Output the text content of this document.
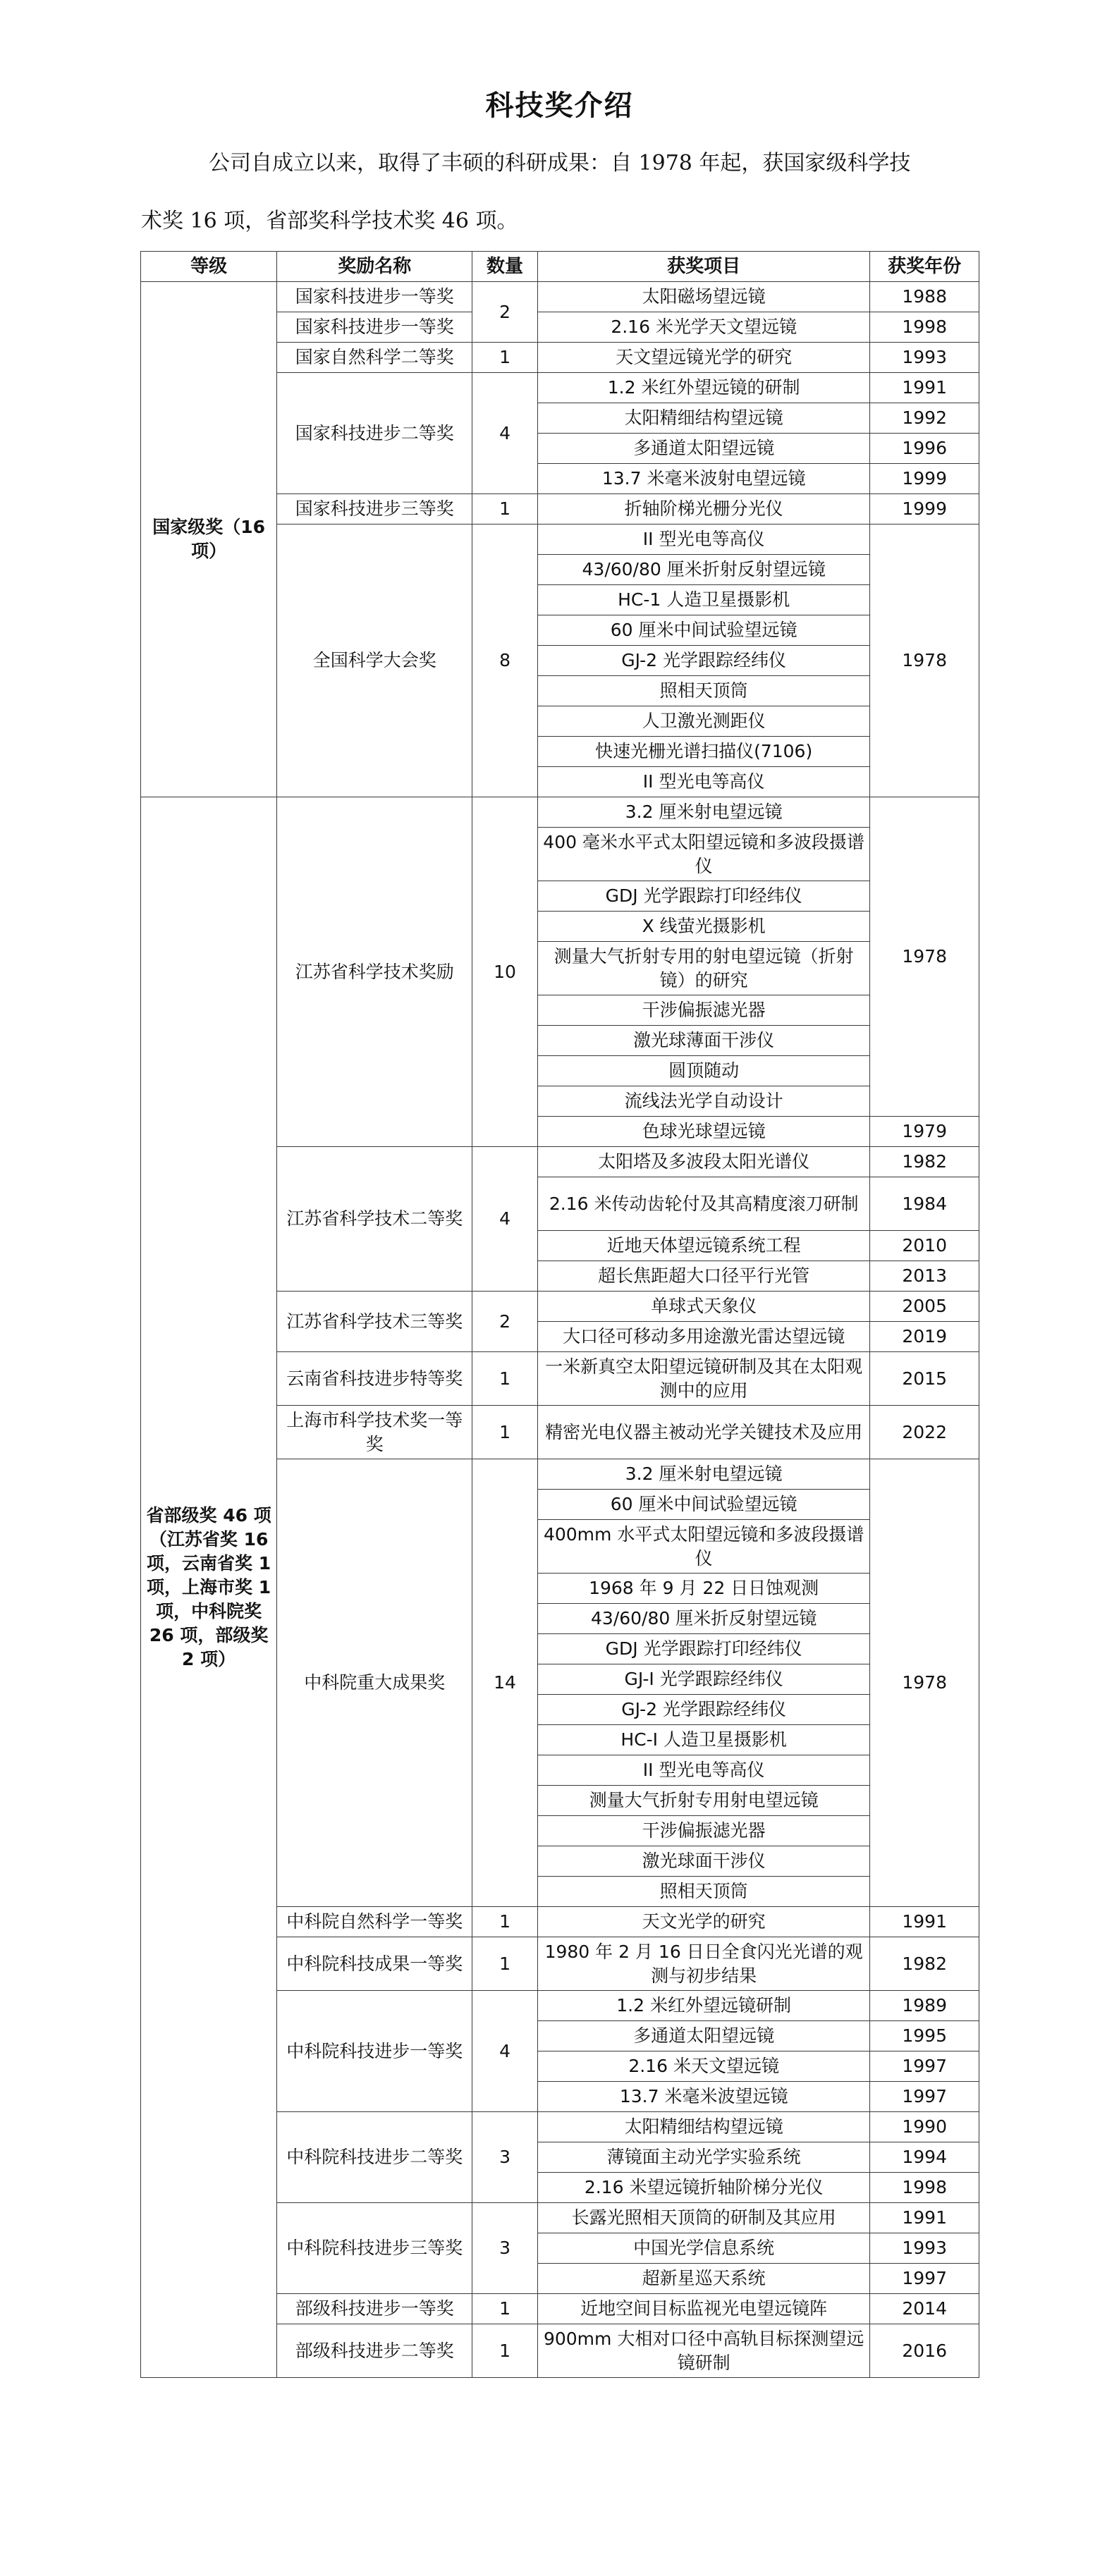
科技奖介绍

公司自成立以来，取得了丰硕的科研成果：自 1978 年起，获国家级科学技

术奖 16 项，省部奖科学技术奖 46 项。

等级	奖励名称	数量	获奖项目	获奖年份
国家级奖（16 项）	国家科技进步一等奖	2	太阳磁场望远镜	1988
	国家科技进步一等奖		2.16 米光学天文望远镜	1998
	国家自然科学二等奖	1	天文望远镜光学的研究	1993
	国家科技进步二等奖	4	1.2 米红外望远镜的研制	1991
			太阳精细结构望远镜	1992
			多通道太阳望远镜	1996
			13.7 米毫米波射电望远镜	1999
	国家科技进步三等奖	1	折轴阶梯光栅分光仪	1999
	全国科学大会奖	8	II 型光电等高仪	1978
			43/60/80 厘米折射反射望远镜	
			HC-1 人造卫星摄影机	
			60 厘米中间试验望远镜	
			GJ-2 光学跟踪经纬仪	
			照相天顶筒	
			人卫激光测距仪	
			快速光栅光谱扫描仪(7106)	
			II 型光电等高仪	
省部级奖 46 项（江苏省奖 16 项，云南省奖 1 项，上海市奖 1 项，中科院奖 26 项，部级奖 2 项）	江苏省科学技术奖励	10	3.2 厘米射电望远镜	1978
			400 毫米水平式太阳望远镜和多波段摄谱仪	
			GDJ 光学跟踪打印经纬仪	
			X 线萤光摄影机	
			测量大气折射专用的射电望远镜（折射镜）的研究	
			干涉偏振滤光器	
			激光球薄面干涉仪	
			圆顶随动	
			流线法光学自动设计	
			色球光球望远镜	1979
	江苏省科学技术二等奖	4	太阳塔及多波段太阳光谱仪	1982
			2.16 米传动齿轮付及其高精度滚刀研制	1984
			近地天体望远镜系统工程	2010
			超长焦距超大口径平行光管	2013
	江苏省科学技术三等奖	2	单球式天象仪	2005
			大口径可移动多用途激光雷达望远镜	2019
	云南省科技进步特等奖	1	一米新真空太阳望远镜研制及其在太阳观测中的应用	2015
	上海市科学技术奖一等奖	1	精密光电仪器主被动光学关键技术及应用	2022
	中科院重大成果奖	14	3.2 厘米射电望远镜	1978
			60 厘米中间试验望远镜	
			400mm 水平式太阳望远镜和多波段摄谱仪	
			1968 年 9 月 22 日日蚀观测	
			43/60/80 厘米折反射望远镜	
			GDJ 光学跟踪打印经纬仪	
			GJ-I 光学跟踪经纬仪	
			GJ-2 光学跟踪经纬仪	
			HC-I 人造卫星摄影机	
			II 型光电等高仪	
			测量大气折射专用射电望远镜	
			干涉偏振滤光器	
			激光球面干涉仪	
			照相天顶筒	
	中科院自然科学一等奖	1	天文光学的研究	1991
	中科院科技成果一等奖	1	1980 年 2 月 16 日日全食闪光光谱的观测与初步结果	1982
	中科院科技进步一等奖	4	1.2 米红外望远镜研制	1989
			多通道太阳望远镜	1995
			2.16 米天文望远镜	1997
			13.7 米毫米波望远镜	1997
	中科院科技进步二等奖	3	太阳精细结构望远镜	1990
			薄镜面主动光学实验系统	1994
			2.16 米望远镜折轴阶梯分光仪	1998
	中科院科技进步三等奖	3	长露光照相天顶筒的研制及其应用	1991
			中国光学信息系统	1993
			超新星巡天系统	1997
	部级科技进步一等奖	1	近地空间目标监视光电望远镜阵	2014
	部级科技进步二等奖	1	900mm 大相对口径中高轨目标探测望远镜研制	2016
